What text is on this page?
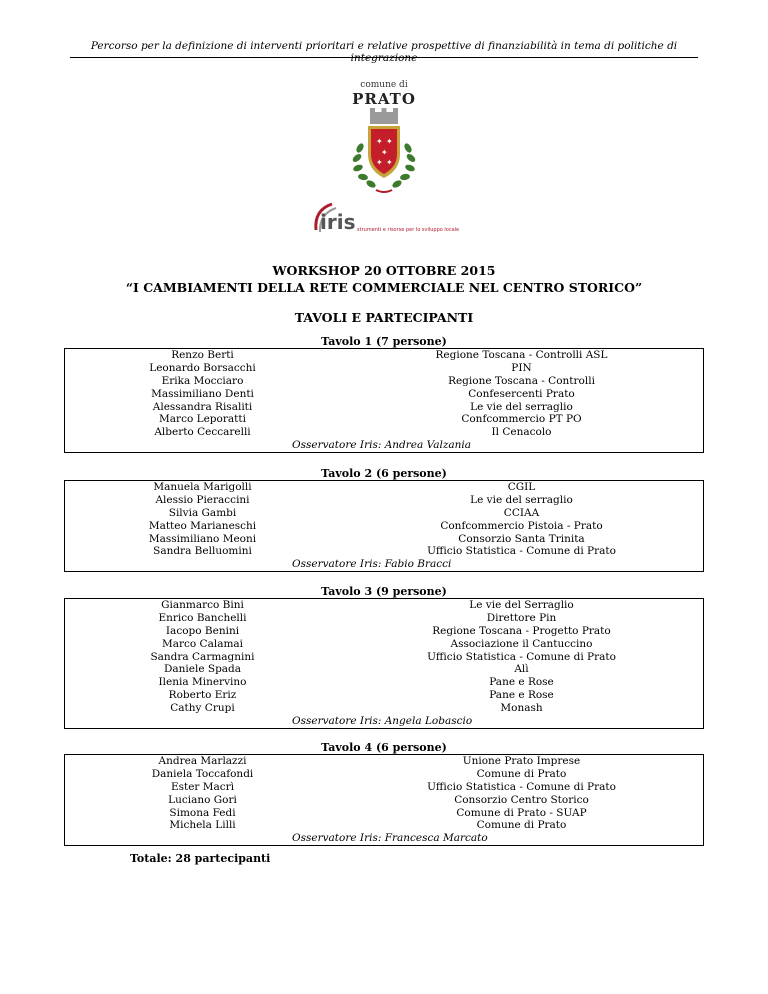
Percorso per la definizione di interventi prioritari e relative prospettive di finanziabilità in tema di politiche di integrazione
comune di
PRATO
✦ ✦
✦
✦ ✦
iris strumenti e risorse per lo sviluppo locale
WORKSHOP 20 OTTOBRE 2015
“I CAMBIAMENTI DELLA RETE COMMERCIALE NEL CENTRO STORICO”
TAVOLI E PARTECIPANTI
Tavolo 1 (7 persone)
Renzo Berti	Regione Toscana - Controlli ASL
Leonardo Borsacchi	PIN
Erika Mocciaro	Regione Toscana - Controlli
Massimiliano Denti	Confesercenti Prato
Alessandra Risaliti	Le vie del serraglio
Marco Leporatti	Confcommercio PT PO
Alberto Ceccarelli	Il Cenacolo
Osservatore Iris: Andrea Valzania
Tavolo 2 (6 persone)
Manuela Marigolli	CGIL
Alessio Pieraccini	Le vie del serraglio
Silvia Gambi	CCIAA
Matteo Marianeschi	Confcommercio Pistoia - Prato
Massimiliano Meoni	Consorzio Santa Trinita
Sandra Belluomini	Ufficio Statistica - Comune di Prato
Osservatore Iris: Fabio Bracci
Tavolo 3 (9 persone)
Gianmarco Bini	Le vie del Serraglio
Enrico Banchelli	Direttore Pin
Iacopo Benini	Regione Toscana - Progetto Prato
Marco Calamai	Associazione il Cantuccino
Sandra Carmagnini	Ufficio Statistica - Comune di Prato
Daniele Spada	Alì
Ilenia Minervino	Pane e Rose
Roberto Eriz	Pane e Rose
Cathy Crupi	Monash
Osservatore Iris: Angela Lobascio
Tavolo 4 (6 persone)
Andrea Marlazzi	Unione Prato Imprese
Daniela Toccafondi	Comune di Prato
Ester Macrì	Ufficio Statistica - Comune di Prato
Luciano Gori	Consorzio Centro Storico
Simona Fedi	Comune di Prato - SUAP
Michela Lilli	Comune di Prato
Osservatore Iris: Francesca Marcato
Totale: 28 partecipanti
